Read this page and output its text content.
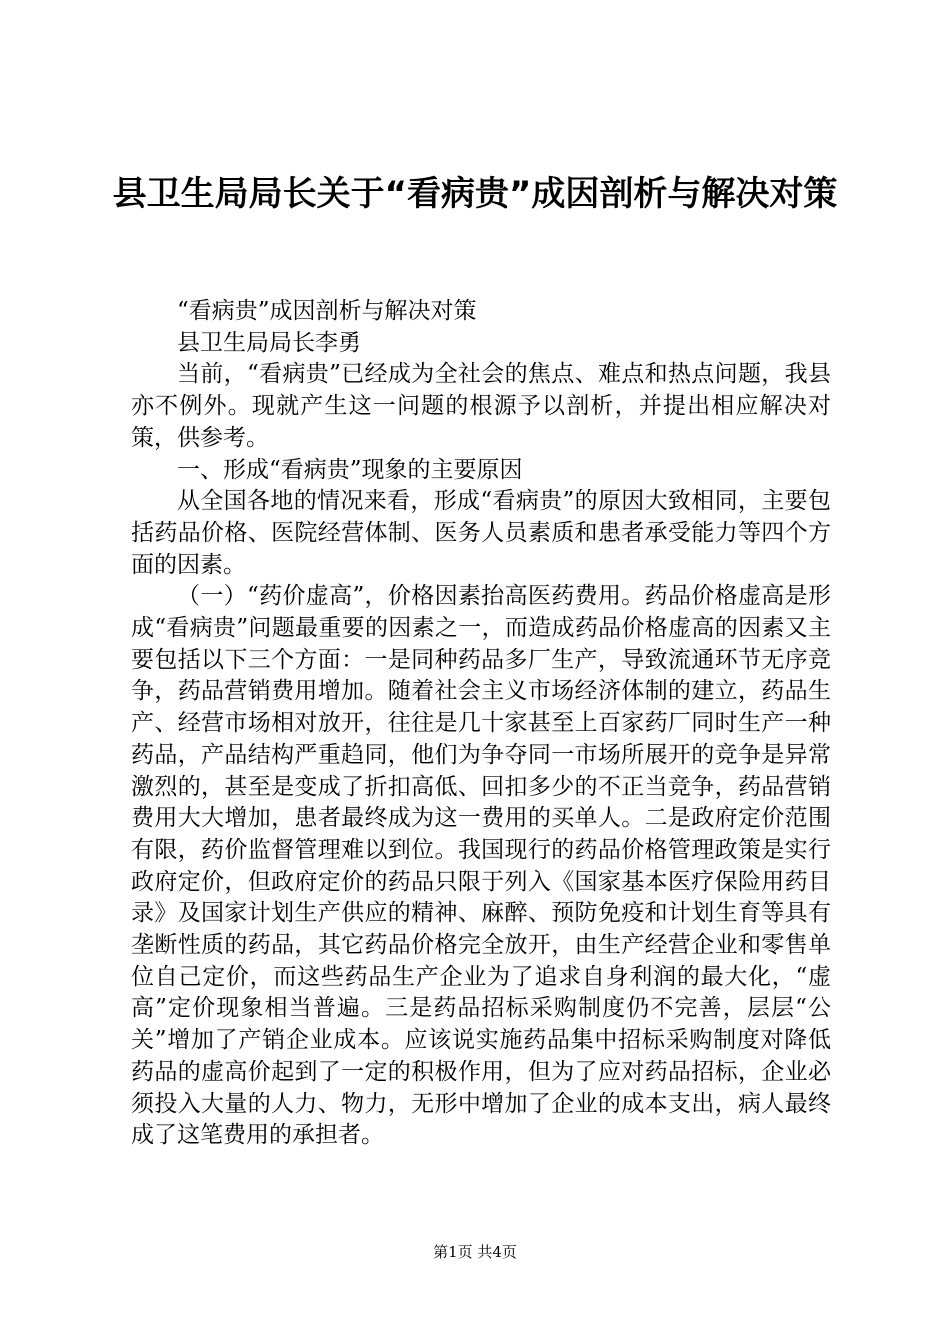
县卫生局局长关于“看病贵”成因剖析与解决对策

“看病贵”成因剖析与解决对策

县卫生局局长李勇

当前，“看病贵”已经成为全社会的焦点、难点和热点问题，我县亦不例外。现就产生这一问题的根源予以剖析，并提出相应解决对策，供参考。

一、形成“看病贵”现象的主要原因

从全国各地的情况来看，形成“看病贵”的原因大致相同，主要包括药品价格、医院经营体制、医务人员素质和患者承受能力等四个方面的因素。

（一）“药价虚高”，价格因素抬高医药费用。药品价格虚高是形成“看病贵”问题最重要的因素之一，而造成药品价格虚高的因素又主要包括以下三个方面：一是同种药品多厂生产，导致流通环节无序竞争，药品营销费用增加。随着社会主义市场经济体制的建立，药品生产、经营市场相对放开，往往是几十家甚至上百家药厂同时生产一种药品，产品结构严重趋同，他们为争夺同一市场所展开的竞争是异常激烈的，甚至是变成了折扣高低、回扣多少的不正当竞争，药品营销费用大大增加，患者最终成为这一费用的买单人。二是政府定价范围有限，药价监督管理难以到位。我国现行的药品价格管理政策是实行政府定价，但政府定价的药品只限于列入《国家基本医疗保险用药目录》及国家计划生产供应的精神、麻醉、预防免疫和计划生育等具有垄断性质的药品，其它药品价格完全放开，由生产经营企业和零售单位自己定价，而这些药品生产企业为了追求自身利润的最大化，“虚高”定价现象相当普遍。三是药品招标采购制度仍不完善，层层“公关”增加了产销企业成本。应该说实施药品集中招标采购制度对降低药品的虚高价起到了一定的积极作用，但为了应对药品招标，企业必须投入大量的人力、物力，无形中增加了企业的成本支出，病人最终成了这笔费用的承担者。

第1页 共4页
